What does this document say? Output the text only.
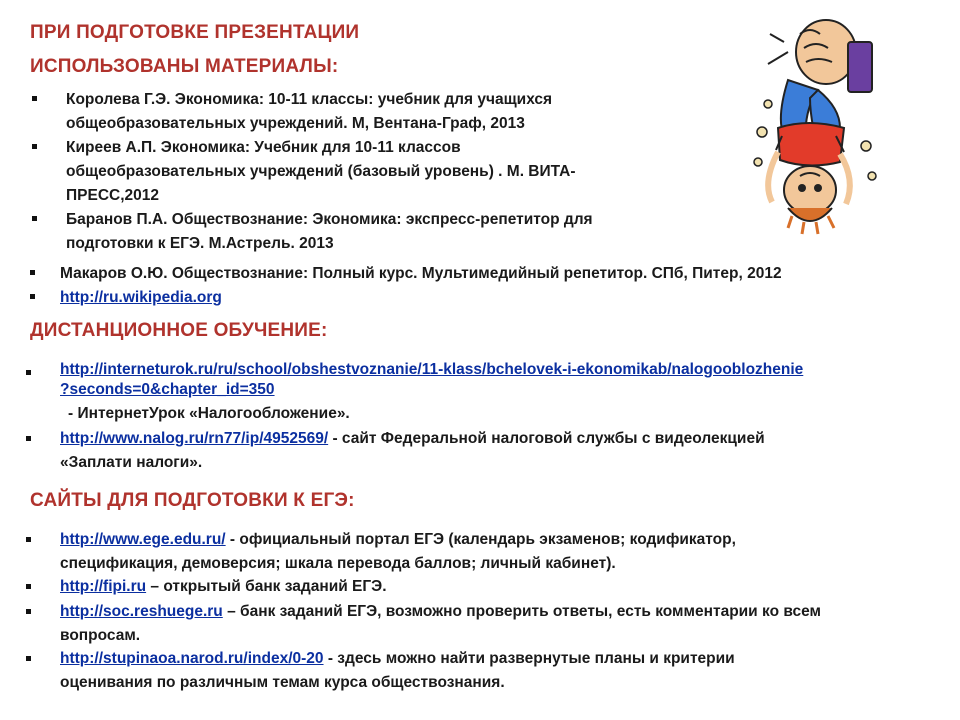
ПРИ ПОДГОТОВКЕ ПРЕЗЕНТАЦИИ
ИСПОЛЬЗОВАНЫ МАТЕРИАЛЫ:
Королева Г.Э. Экономика: 10-11 классы: учебник для учащихся
общеобразовательных учреждений. М, Вентана-Граф, 2013
Киреев А.П. Экономика: Учебник для 10-11 классов
общеобразовательных учреждений (базовый уровень) . М. ВИТА-
ПРЕСС,2012
Баранов П.А. Обществознание: Экономика: экспресс-репетитор для
подготовки к ЕГЭ. М.Астрель. 2013
Макаров О.Ю. Обществознание: Полный курс. Мультимедийный репетитор. СПб, Питер, 2012
http://ru.wikipedia.org
ДИСТАНЦИОННОЕ ОБУЧЕНИЕ:
http://interneturok.ru/ru/school/obshestvoznanie/11-klass/bchelovek-i-ekonomikab/nalogooblozhenie
?seconds=0&chapter_id=350
- ИнтернетУрок «Налогообложение».
http://www.nalog.ru/rn77/ip/4952569/ - сайт Федеральной налоговой службы с видеолекцией
«Заплати налоги».
САЙТЫ ДЛЯ ПОДГОТОВКИ К ЕГЭ:
http://www.ege.edu.ru/ - официальный портал ЕГЭ (календарь экзаменов; кодификатор,
спецификация, демоверсия; шкала перевода баллов; личный кабинет).
http://fipi.ru – открытый банк заданий ЕГЭ.
http://soc.reshuege.ru – банк заданий ЕГЭ, возможно проверить ответы, есть комментарии ко всем
вопросам.
http://stupinaoa.narod.ru/index/0-20 - здесь можно найти развернутые планы и критерии
оценивания по различным темам курса обществознания.
